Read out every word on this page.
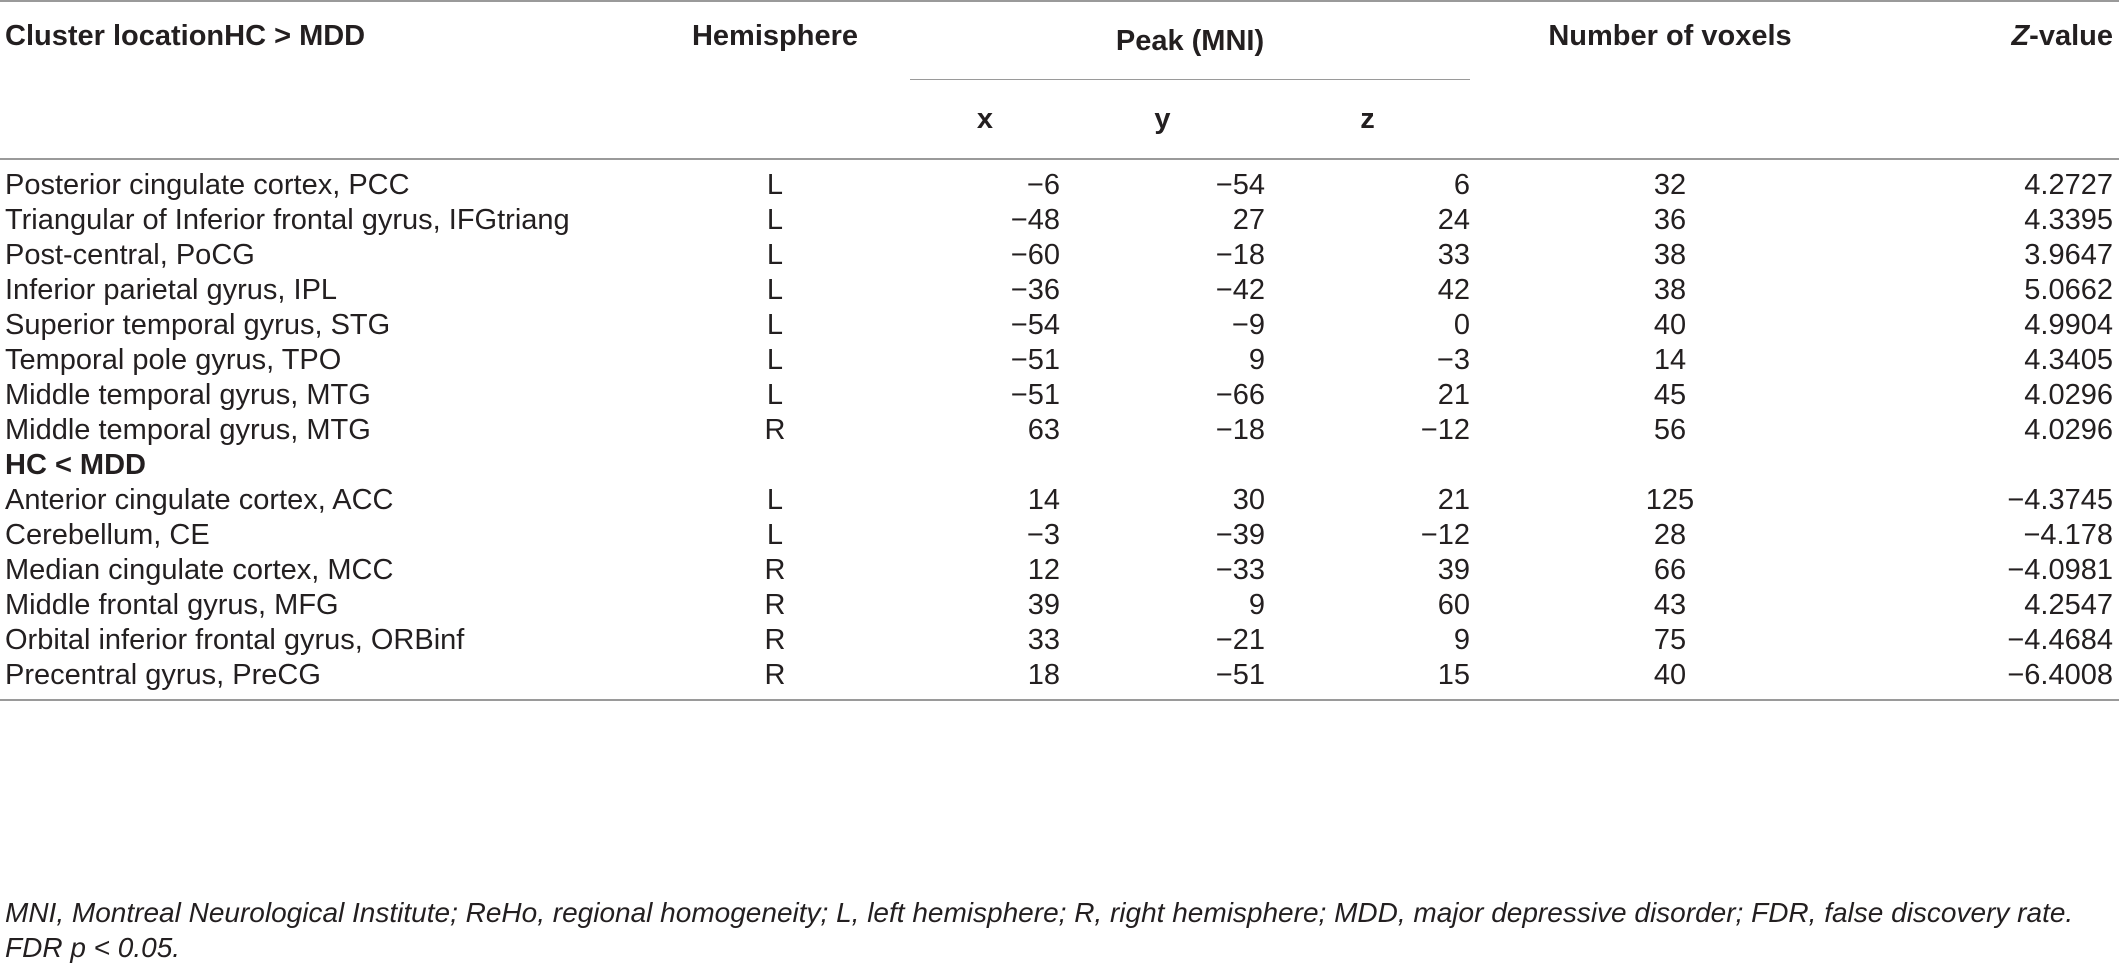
Cluster locationHC > MDD	Hemisphere	Peak (MNI)			Number of voxels	Z-value
		x	y	z		
Posterior cingulate cortex, PCC	L	−6	−54	6	32	4.2727
Triangular of Inferior frontal gyrus, IFGtriang	L	−48	27	24	36	4.3395
Post-central, PoCG	L	−60	−18	33	38	3.9647
Inferior parietal gyrus, IPL	L	−36	−42	42	38	5.0662
Superior temporal gyrus, STG	L	−54	−9	0	40	4.9904
Temporal pole gyrus, TPO	L	−51	9	−3	14	4.3405
Middle temporal gyrus, MTG	L	−51	−66	21	45	4.0296
Middle temporal gyrus, MTG	R	63	−18	−12	56	4.0296
HC < MDD						
Anterior cingulate cortex, ACC	L	14	30	21	125	−4.3745
Cerebellum, CE	L	−3	−39	−12	28	−4.178
Median cingulate cortex, MCC	R	12	−33	39	66	−4.0981
Middle frontal gyrus, MFG	R	39	9	60	43	4.2547
Orbital inferior frontal gyrus, ORBinf	R	33	−21	9	75	−4.4684
Precentral gyrus, PreCG	R	18	−51	15	40	−6.4008
MNI, Montreal Neurological Institute; ReHo, regional homogeneity; L, left hemisphere; R, right hemisphere; MDD, major depressive disorder; FDR, false discovery rate.
FDR p < 0.05.
